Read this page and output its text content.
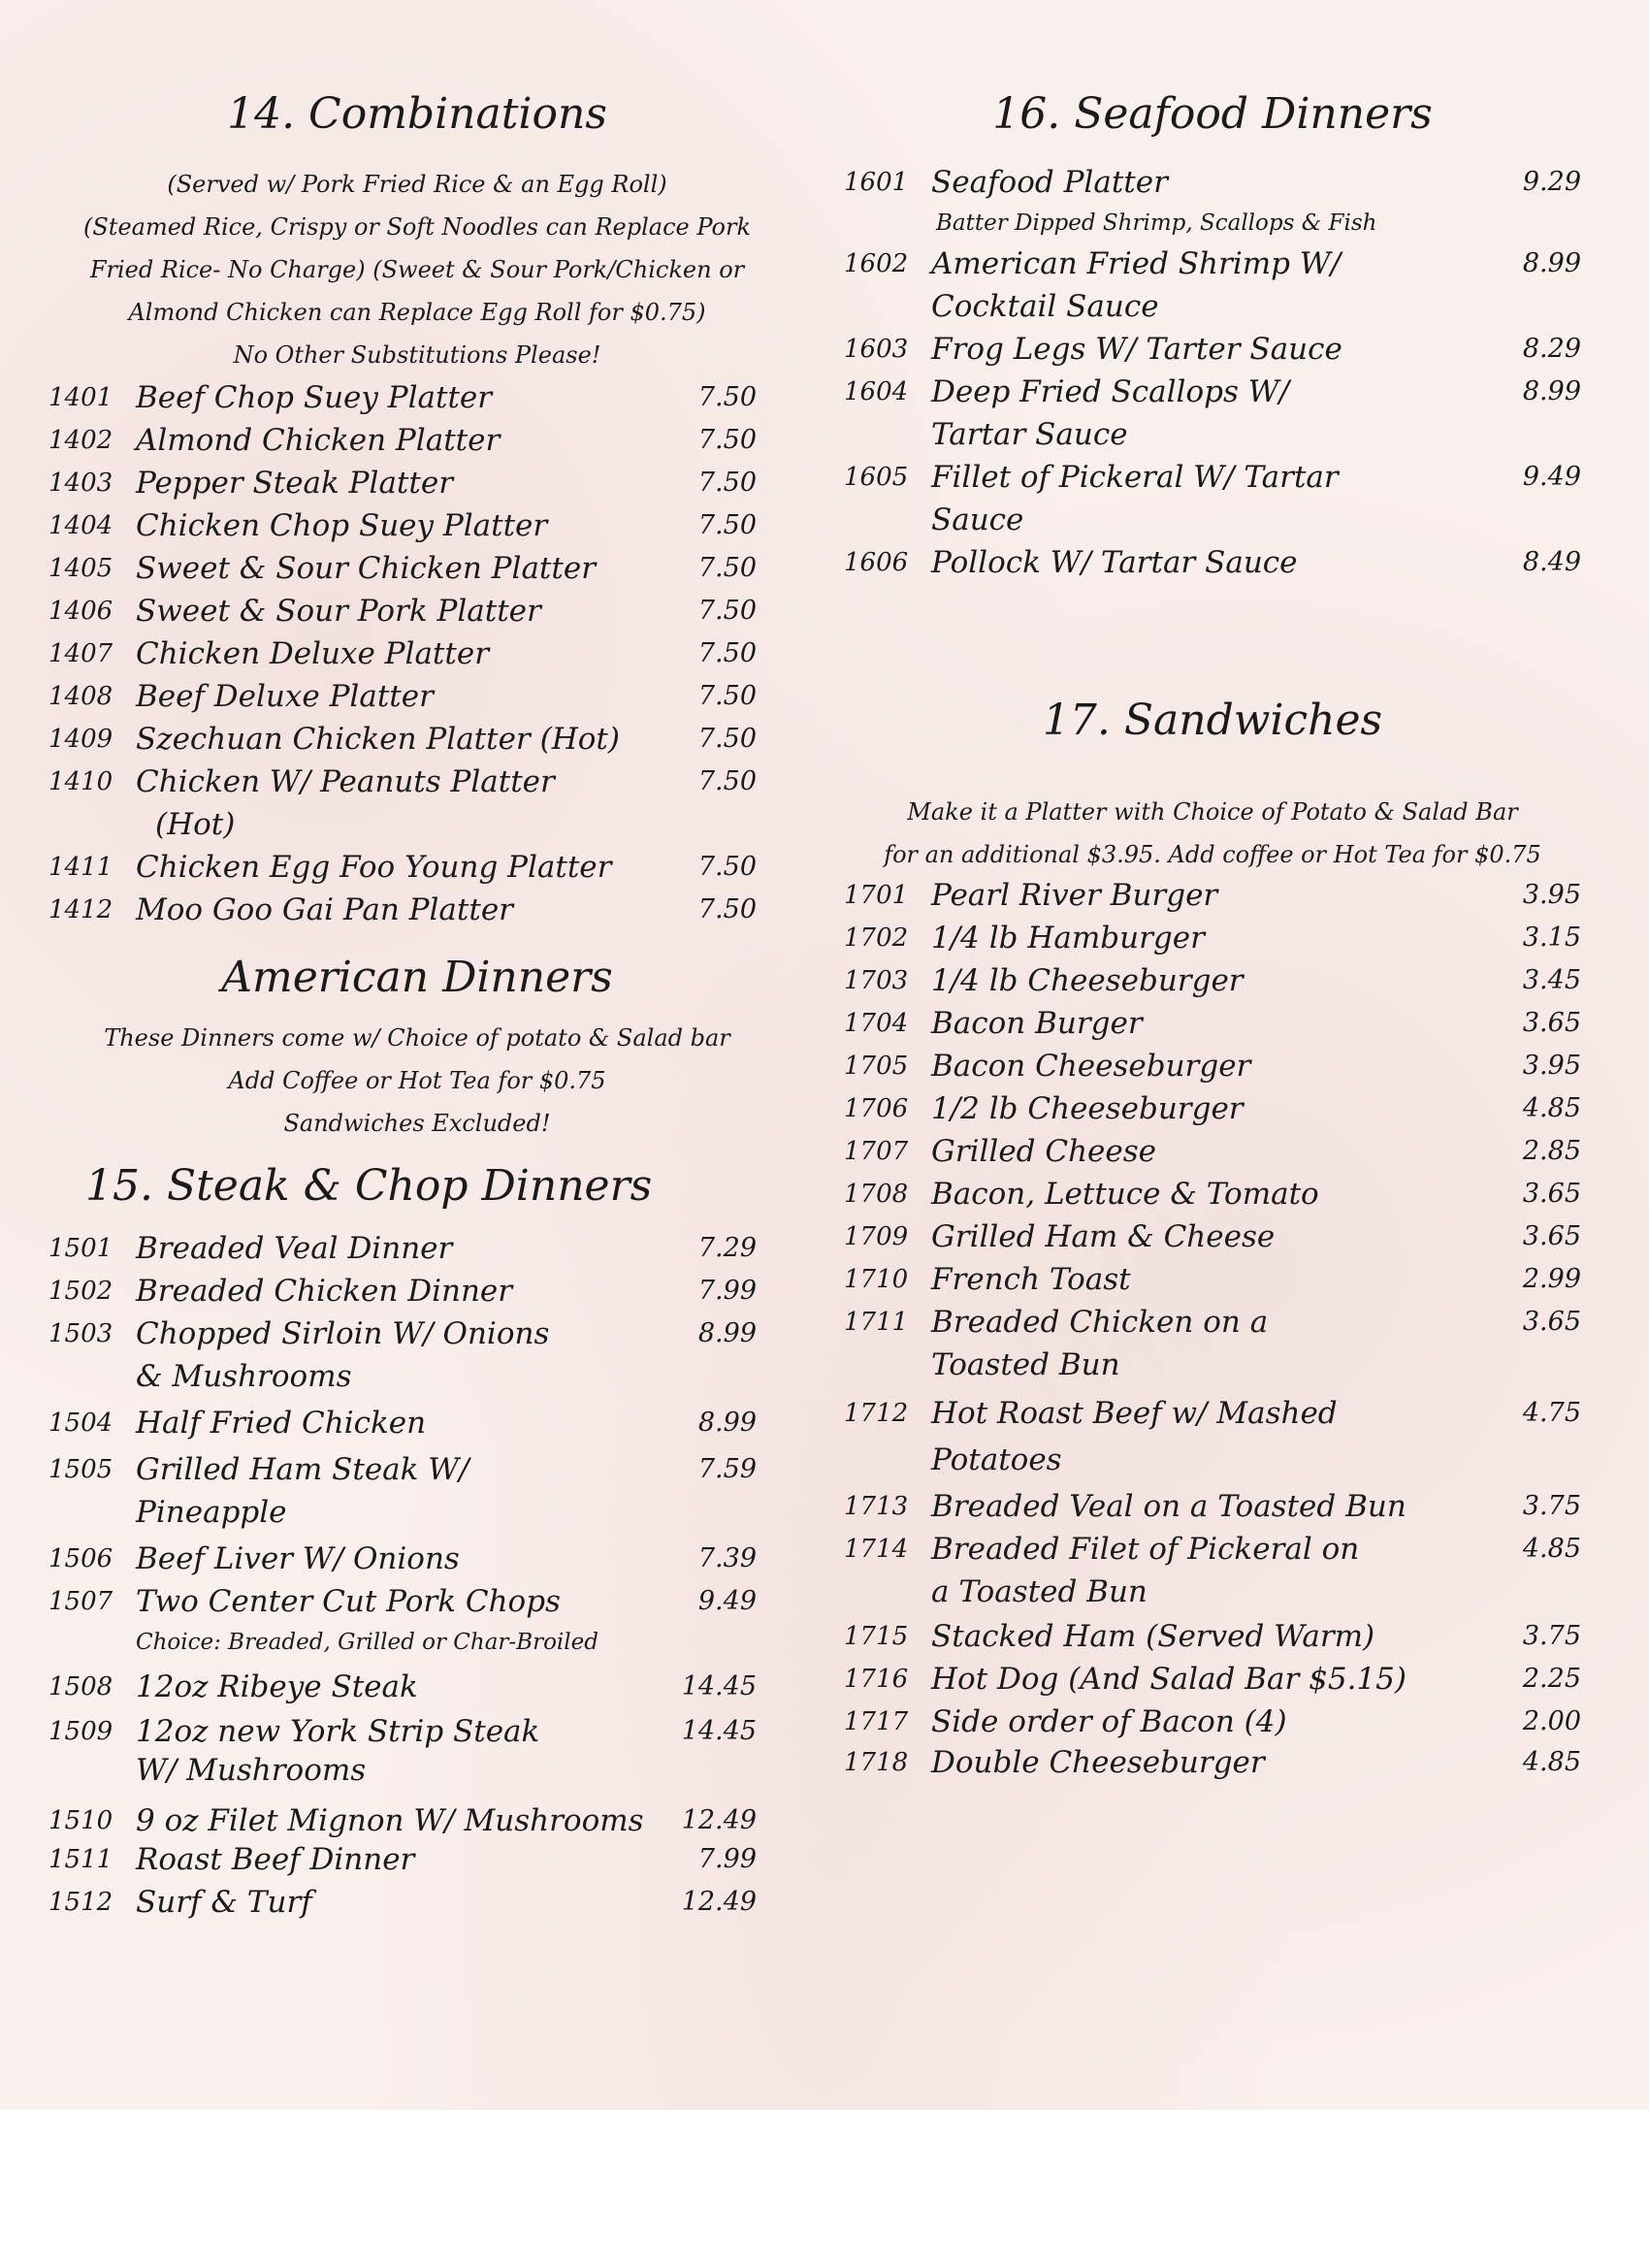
14. Combinations
(Served w/ Pork Fried Rice & an Egg Roll)
(Steamed Rice, Crispy or Soft Noodles can Replace Pork
Fried Rice- No Charge) (Sweet & Sour Pork/Chicken or
Almond Chicken can Replace Egg Roll for $0.75)
No Other Substitutions Please!
1401 Beef Chop Suey Platter	7.50
1402 Almond Chicken Platter	7.50
1403 Pepper Steak Platter	7.50
1404 Chicken Chop Suey Platter	7.50
1405 Sweet & Sour Chicken Platter	7.50
1406 Sweet & Sour Pork Platter	7.50
1407 Chicken Deluxe Platter	7.50
1408 Beef Deluxe Platter	7.50
1409 Szechuan Chicken Platter (Hot)	7.50
1410 Chicken W/ Peanuts Platter
(Hot)
7.50
1411 Chicken Egg Foo Young Platter	7.50
1412 Moo Goo Gai Pan Platter	7.50
American Dinners
These Dinners come w/ Choice of potato & Salad bar
Add Coffee or Hot Tea for $0.75
Sandwiches Excluded!
15. Steak & Chop Dinners
1501 Breaded Veal Dinner	7.29
1502 Breaded Chicken Dinner	7.99
1503 Chopped Sirloin W/ Onions
& Mushrooms
8.99
1504 Half Fried Chicken	8.99
1505 Grilled Ham Steak W/
Pineapple
7.59
1506 Beef Liver W/ Onions	7.39
1507 Two Center Cut Pork Chops
Choice: Breaded, Grilled or Char-Broiled
9.49
1508 12oz Ribeye Steak	14.45
1509 12oz new York Strip Steak
W/ Mushrooms
14.45
1510 9 oz Filet Mignon W/ Mushrooms	12.49
1511 Roast Beef Dinner	7.99
1512 Surf & Turf	12.49
16. Seafood Dinners
1601 Seafood Platter
Batter Dipped Shrimp, Scallops & Fish
9.29
1602 American Fried Shrimp W/
Cocktail Sauce
8.99
1603 Frog Legs W/ Tarter Sauce	8.29
1604 Deep Fried Scallops W/
Tartar Sauce
8.99
1605 Fillet of Pickeral W/ Tartar
Sauce
9.49
1606 Pollock W/ Tartar Sauce	8.49
17. Sandwiches
Make it a Platter with Choice of Potato & Salad Bar
for an additional $3.95. Add coffee or Hot Tea for $0.75
1701 Pearl River Burger	3.95
1702 1/4 lb Hamburger	3.15
1703 1/4 lb Cheeseburger	3.45
1704 Bacon Burger	3.65
1705 Bacon Cheeseburger	3.95
1706 1/2 lb Cheeseburger	4.85
1707 Grilled Cheese	2.85
1708 Bacon, Lettuce & Tomato	3.65
1709 Grilled Ham & Cheese	3.65
1710 French Toast	2.99
1711 Breaded Chicken on a
Toasted Bun
3.65
1712 Hot Roast Beef w/ Mashed
Potatoes
4.75
1713 Breaded Veal on a Toasted Bun	3.75
1714 Breaded Filet of Pickeral on
a Toasted Bun
4.85
1715 Stacked Ham (Served Warm)	3.75
1716 Hot Dog (And Salad Bar $5.15)	2.25
1717 Side order of Bacon (4)	2.00
1718 Double Cheeseburger	4.85
